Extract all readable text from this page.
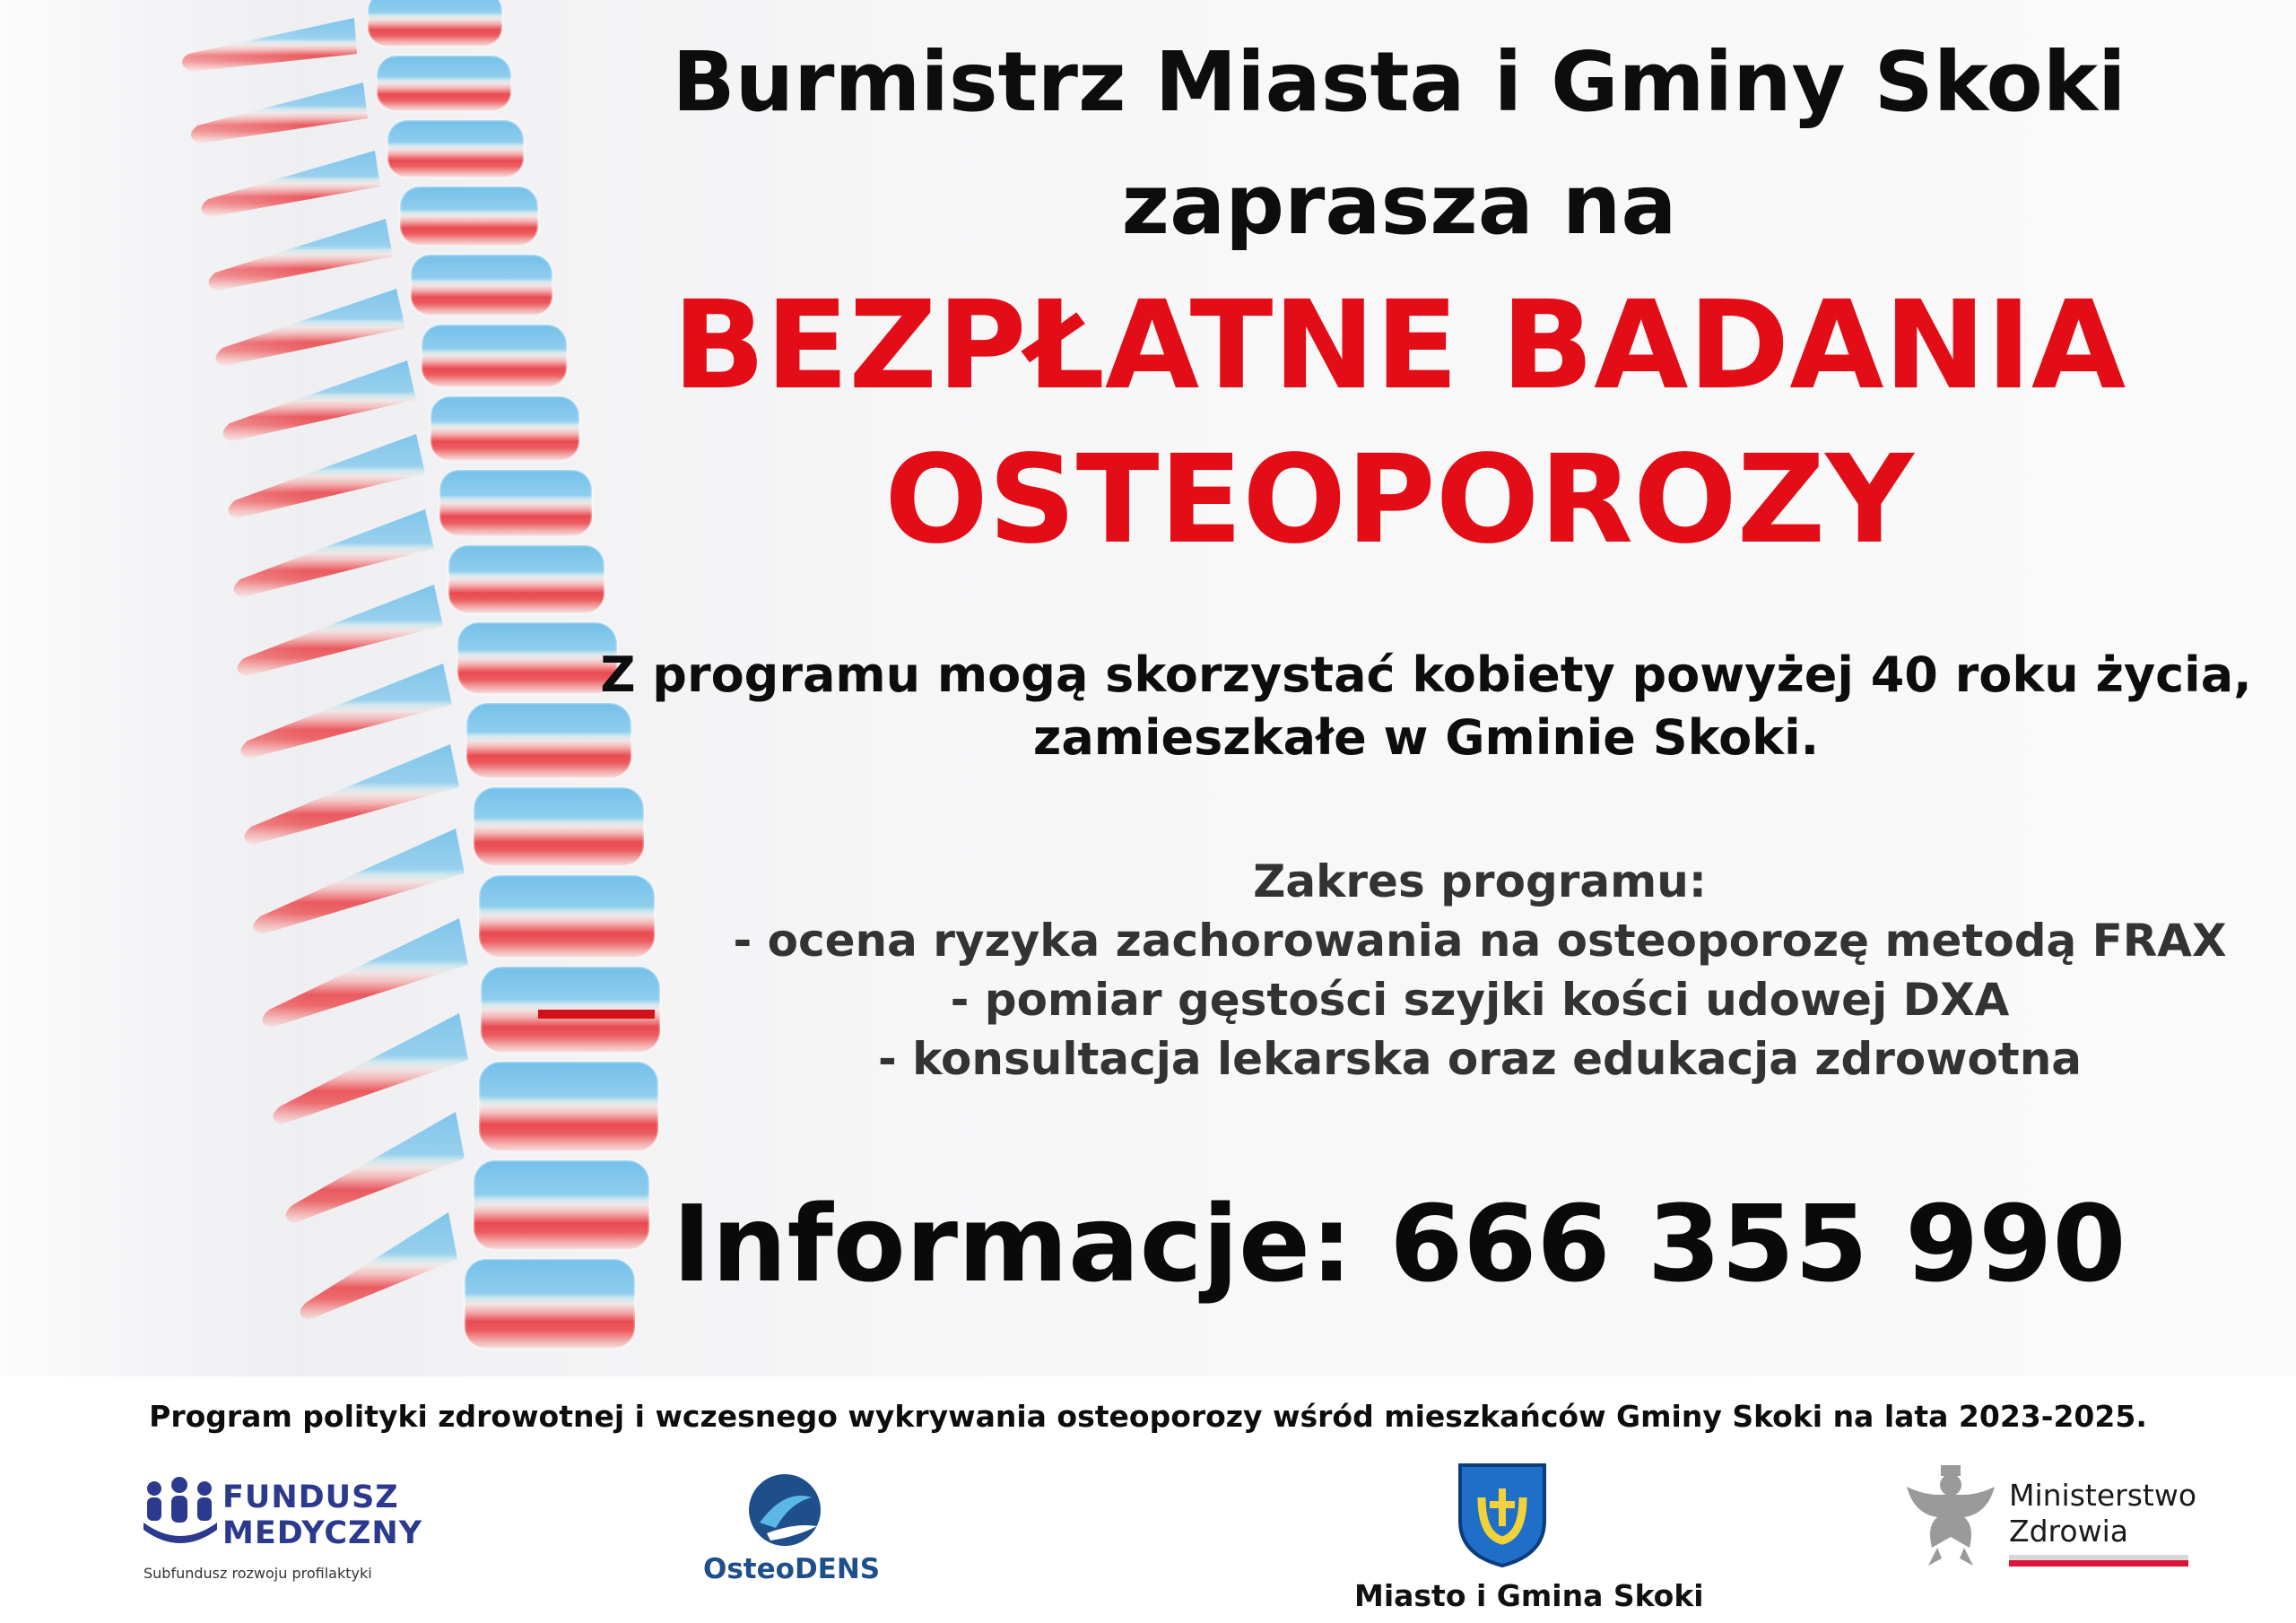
Burmistrz Miasta i Gminy Skoki

zaprasza na

BEZPŁATNE BADANIA
OSTEOPOROZY
Z programu mogą skorzystać kobiety powyżej 40 roku życia,
zamieszkałe w Gminie Skoki.
Zakres programu:
- ocena ryzyka zachorowania na osteoporozę metodą FRAX
- pomiar gęstości szyjki kości udowej DXA
- konsultacja lekarska oraz edukacja zdrowotna

Informacje: 666 355 990

Program polityki zdrowotnej i wczesnego wykrywania osteoporozy wśród mieszkańców Gminy Skoki na lata 2023-2025.

FUNDUSZ

MEDYCZNY

Subfundusz rozwoju profilaktyki	OsteoDENS

Miasto i Gmina Skoki

Ministerstwo

Zdrowia
